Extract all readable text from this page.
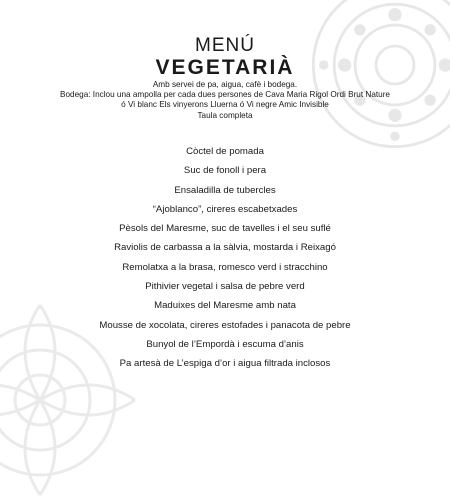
MENÚ
VEGETARIÀ
Amb servei de pa, aigua, cafè i bodega.
Bodega: Inclou una ampolla per cada dues persones de Cava Maria Rigol Ordi Brut Nature
ó Vi blanc Els vinyerons Lluerna ó Vi negre Amic Invisible
Taula completa
Còctel de pomada
Suc de fonoll i pera
Ensaladilla de tubercles
“Ajoblanco”, cireres escabetxades
Pèsols del Maresme, suc de tavelles i el seu suflé
Raviolis de carbassa a la sàlvia, mostarda i Reixagó
Remolatxa a la brasa, romesco verd i stracchino
Pithivier vegetal i salsa de pebre verd
Maduixes del Maresme amb nata
Mousse de xocolata, cireres estofades i panacota de pebre
Bunyol de l’Empordà i escuma d’anis
Pa artesà de L’espiga d’or i aigua filtrada inclosos
